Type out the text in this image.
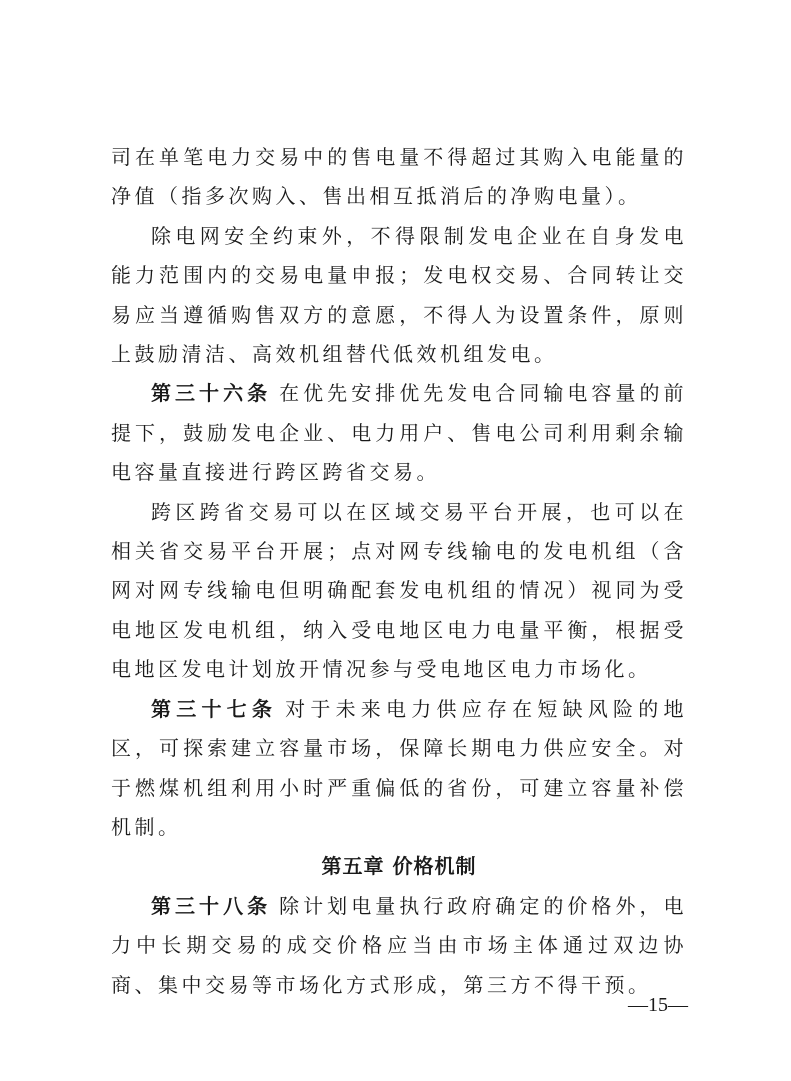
司在单笔电力交易中的售电量不得超过其购入电能量的净值（指多次购入、售出相互抵消后的净购电量）。

除电网安全约束外，不得限制发电企业在自身发电能力范围内的交易电量申报；发电权交易、合同转让交易应当遵循购售双方的意愿，不得人为设置条件，原则上鼓励清洁、高效机组替代低效机组发电。

第三十六条 在优先安排优先发电合同输电容量的前提下，鼓励发电企业、电力用户、售电公司利用剩余输电容量直接进行跨区跨省交易。

跨区跨省交易可以在区域交易平台开展，也可以在相关省交易平台开展；点对网专线输电的发电机组（含网对网专线输电但明确配套发电机组的情况）视同为受电地区发电机组，纳入受电地区电力电量平衡，根据受电地区发电计划放开情况参与受电地区电力市场化。

第三十七条 对于未来电力供应存在短缺风险的地区，可探索建立容量市场，保障长期电力供应安全。对于燃煤机组利用小时严重偏低的省份，可建立容量补偿机制。

第五章 价格机制

第三十八条 除计划电量执行政府确定的价格外，电力中长期交易的成交价格应当由市场主体通过双边协商、集中交易等市场化方式形成，第三方不得干预。

—15—
